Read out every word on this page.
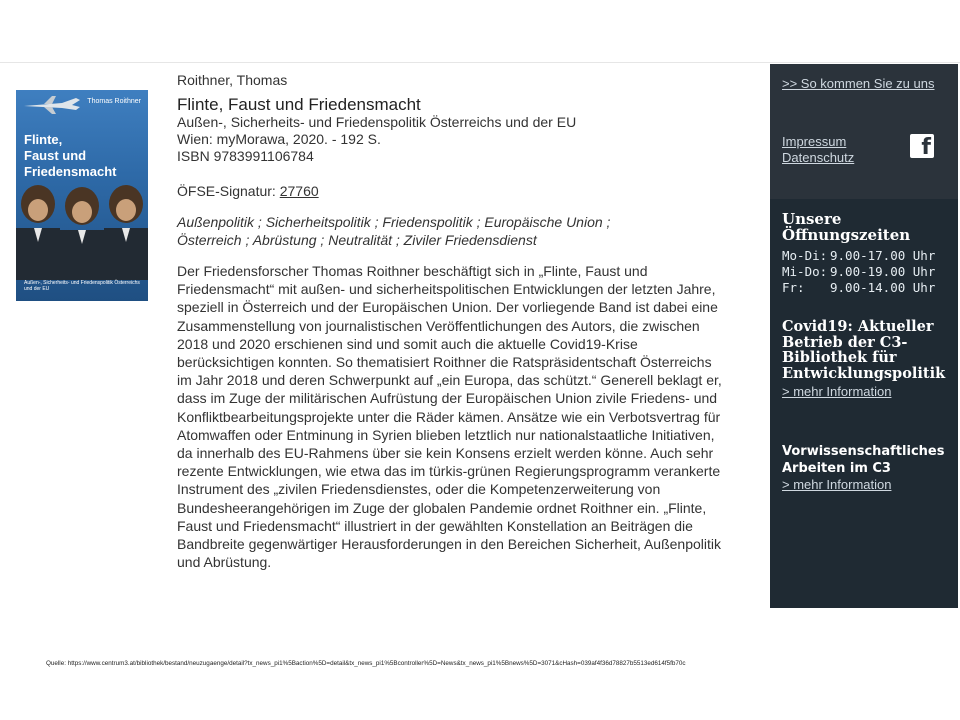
Thomas Roithner
Flinte,
Faust und
Friedensmacht
Außen-, Sicherheits- und Friedenspolitik Österreichs und der EU

Roithner, Thomas

Flinte, Faust und Friedensmacht

Außen-, Sicherheits- und Friedenspolitik Österreichs und der EU

Wien: myMorawa, 2020. - 192 S.

ISBN 9783991106784

ÖFSE-Signatur: 27760

Außenpolitik ; Sicherheitspolitik ; Friedenspolitik ; Europäische Union ; Österreich ; Abrüstung ; Neutralität ; Ziviler Friedensdienst

Der Friedensforscher Thomas Roithner beschäftigt sich in „Flinte, Faust und Friedensmacht“ mit außen- und sicherheitspolitischen Entwicklungen der letzten Jahre, speziell in Österreich und der Europäischen Union. Der vorliegende Band ist dabei eine Zusammenstellung von journalistischen Veröffentlichungen des Autors, die zwischen 2018 und 2020 erschienen sind und somit auch die aktuelle Covid19-Krise berücksichtigen konnten. So thematisiert Roithner die Ratspräsidentschaft Österreichs im Jahr 2018 und deren Schwerpunkt auf „ein Europa, das schützt.“ Generell beklagt er, dass im Zuge der militärischen Aufrüstung der Europäischen Union zivile Friedens- und Konfliktbearbeitungsprojekte unter die Räder kämen. Ansätze wie ein Verbotsvertrag für Atomwaffen oder Entminung in Syrien blieben letztlich nur nationalstaatliche Initiativen, da innerhalb des EU-Rahmens über sie kein Konsens erzielt werden könne. Auch sehr rezente Entwicklungen, wie etwa das im türkis-grünen Regierungsprogramm verankerte Instrument des „zivilen Friedensdienstes, oder die Kompetenzerweiterung von Bundesheerangehörigen im Zuge der globalen Pandemie ordnet Roithner ein. „Flinte, Faust und Friedensmacht“ illustriert in der gewählten Konstellation an Beiträgen die Bandbreite gegenwärtiger Herausforderungen in den Bereichen Sicherheit, Außenpolitik und Abrüstung.

>> So kommen Sie zu uns
Impressum
Datenschutz	f
Unsere Öffnungszeiten
Mo-Di: 9.00-17.00 Uhr
Mi-Do: 9.00-19.00 Uhr
Fr:	9.00-14.00 Uhr
Covid19: Aktueller Betrieb der C3-Bibliothek für Entwicklungspolitik
> mehr Information
Vorwissenschaftliches Arbeiten im C3
> mehr Information
Quelle: https://www.centrum3.at/bibliothek/bestand/neuzugaenge/detail?tx_news_pi1%5Baction%5D=detail&tx_news_pi1%5Bcontroller%5D=News&tx_news_pi1%5Bnews%5D=3071&cHash=039af4f36d78827b5513ed614f5fb70c
